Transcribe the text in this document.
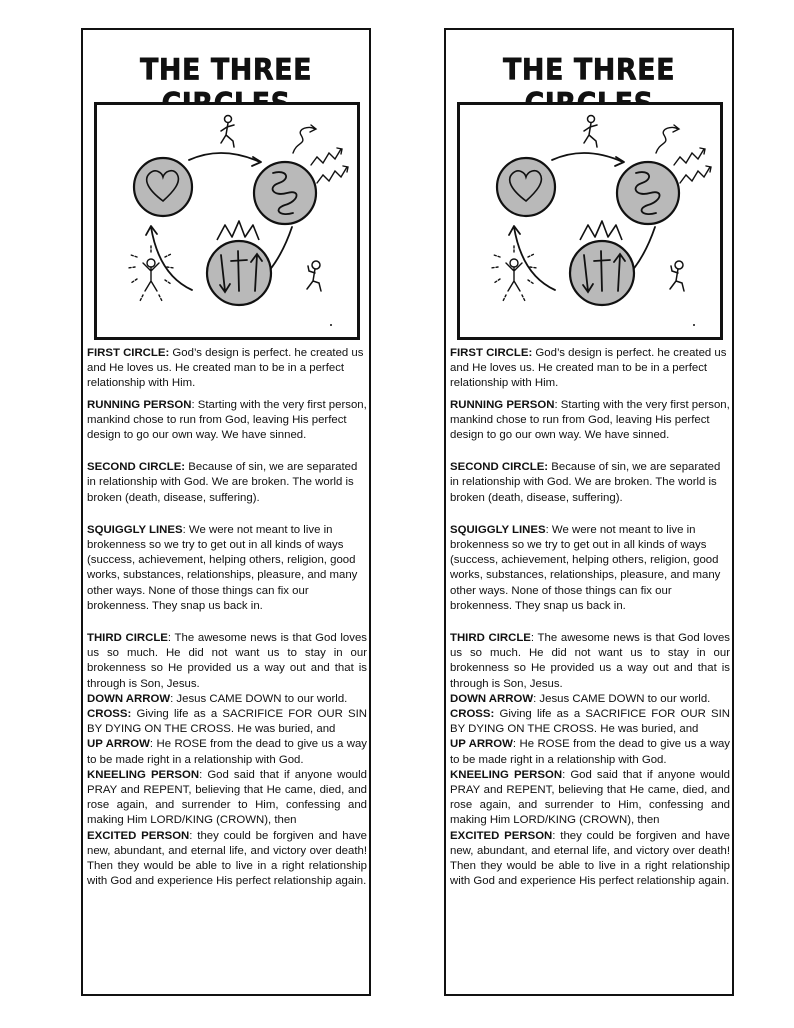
THE THREE

FIRST CIRCLE: God’s design is perfect. he created us and He loves us. He created man to be in a perfect relationship with Him.

RUNNING PERSON: Starting with the very first person, mankind chose to run from God, leaving His perfect design to go our own way. We have sinned.

SECOND CIRCLE: Because of sin, we are separated in relationship with God. We are broken. The world is broken (death, disease, suffering).

SQUIGGLY LINES: We were not meant to live in brokenness so we try to get out in all kinds of ways (success, achievement, helping others, religion, good works, substances, relationships, pleasure, and many other ways. None of those things can fix our brokenness. They snap us back in.

THIRD CIRCLE: The awesome news is that God loves us so much. He did not want us to stay in our brokenness so He provided us a way out and that is through is Son, Jesus.

DOWN ARROW: Jesus CAME DOWN to our world.

CROSS: Giving life as a SACRIFICE FOR OUR SIN BY DYING ON THE CROSS. He was buried, and

UP ARROW: He ROSE from the dead to give us a way to be made right in a relationship with God.

KNEELING PERSON: God said that if anyone would PRAY and REPENT, believing that He came, died, and rose again, and surrender to Him, confessing and making Him LORD/KING (CROWN), then

EXCITED PERSON: they could be forgiven and have new, abundant, and eternal life, and victory over death! Then they would be able to live in a right relationship with God and experience His perfect relationship again.

THE THREE

FIRST CIRCLE: God’s design is perfect. he created us and He loves us. He created man to be in a perfect relationship with Him.

RUNNING PERSON: Starting with the very first person, mankind chose to run from God, leaving His perfect design to go our own way. We have sinned.

SECOND CIRCLE: Because of sin, we are separated in relationship with God. We are broken. The world is broken (death, disease, suffering).

SQUIGGLY LINES: We were not meant to live in brokenness so we try to get out in all kinds of ways (success, achievement, helping others, religion, good works, substances, relationships, pleasure, and many other ways. None of those things can fix our brokenness. They snap us back in.

THIRD CIRCLE: The awesome news is that God loves us so much. He did not want us to stay in our brokenness so He provided us a way out and that is through is Son, Jesus.

DOWN ARROW: Jesus CAME DOWN to our world.

CROSS: Giving life as a SACRIFICE FOR OUR SIN BY DYING ON THE CROSS. He was buried, and

UP ARROW: He ROSE from the dead to give us a way to be made right in a relationship with God.

KNEELING PERSON: God said that if anyone would PRAY and REPENT, believing that He came, died, and rose again, and surrender to Him, confessing and making Him LORD/KING (CROWN), then

EXCITED PERSON: they could be forgiven and have new, abundant, and eternal life, and victory over death! Then they would be able to live in a right relationship with God and experience His perfect relationship again.
